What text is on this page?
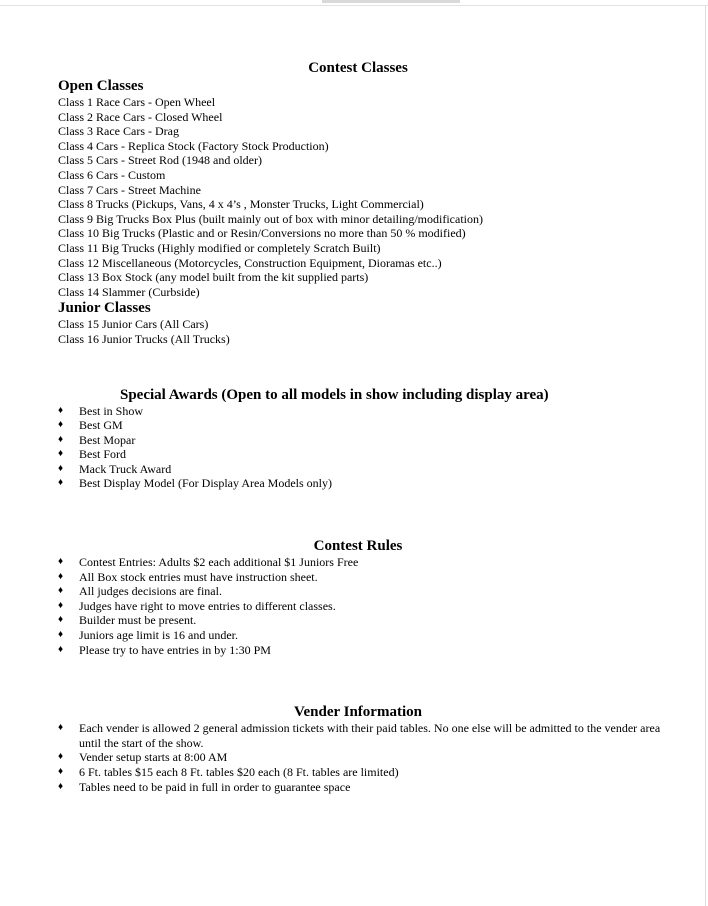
Contest Classes
Open Classes
Class 1 Race Cars - Open Wheel
Class 2 Race Cars - Closed Wheel
Class 3 Race Cars - Drag
Class 4 Cars - Replica Stock (Factory Stock Production)
Class 5 Cars - Street Rod (1948 and older)
Class 6 Cars - Custom
Class 7 Cars - Street Machine
Class 8 Trucks (Pickups, Vans, 4 x 4’s , Monster Trucks, Light Commercial)
Class 9 Big Trucks Box Plus (built mainly out of box with minor detailing/modification)
Class 10 Big Trucks (Plastic and or Resin/Conversions no more than 50 % modified)
Class 11 Big Trucks (Highly modified or completely Scratch Built)
Class 12 Miscellaneous (Motorcycles, Construction Equipment, Dioramas etc..)
Class 13 Box Stock (any model built from the kit supplied parts)
Class 14 Slammer (Curbside)
Junior Classes
Class 15 Junior Cars (All Cars)
Class 16 Junior Trucks (All Trucks)
Special Awards (Open to all models in show including display area)
♦ Best in Show
♦ Best GM
♦ Best Mopar
♦ Best Ford
♦ Mack Truck Award
♦ Best Display Model (For Display Area Models only)
Contest Rules
♦ Contest Entries: Adults $2 each additional $1 Juniors Free
♦ All Box stock entries must have instruction sheet.
♦ All judges decisions are final.
♦ Judges have right to move entries to different classes.
♦ Builder must be present.
♦ Juniors age limit is 16 and under.
♦ Please try to have entries in by 1:30 PM
Vender Information
♦ Each vender is allowed 2 general admission tickets with their paid tables. No one else will be admitted to the vender area until the start of the show.
♦ Vender setup starts at 8:00 AM
♦ 6 Ft. tables $15 each 8 Ft. tables $20 each (8 Ft. tables are limited)
♦ Tables need to be paid in full in order to guarantee space
